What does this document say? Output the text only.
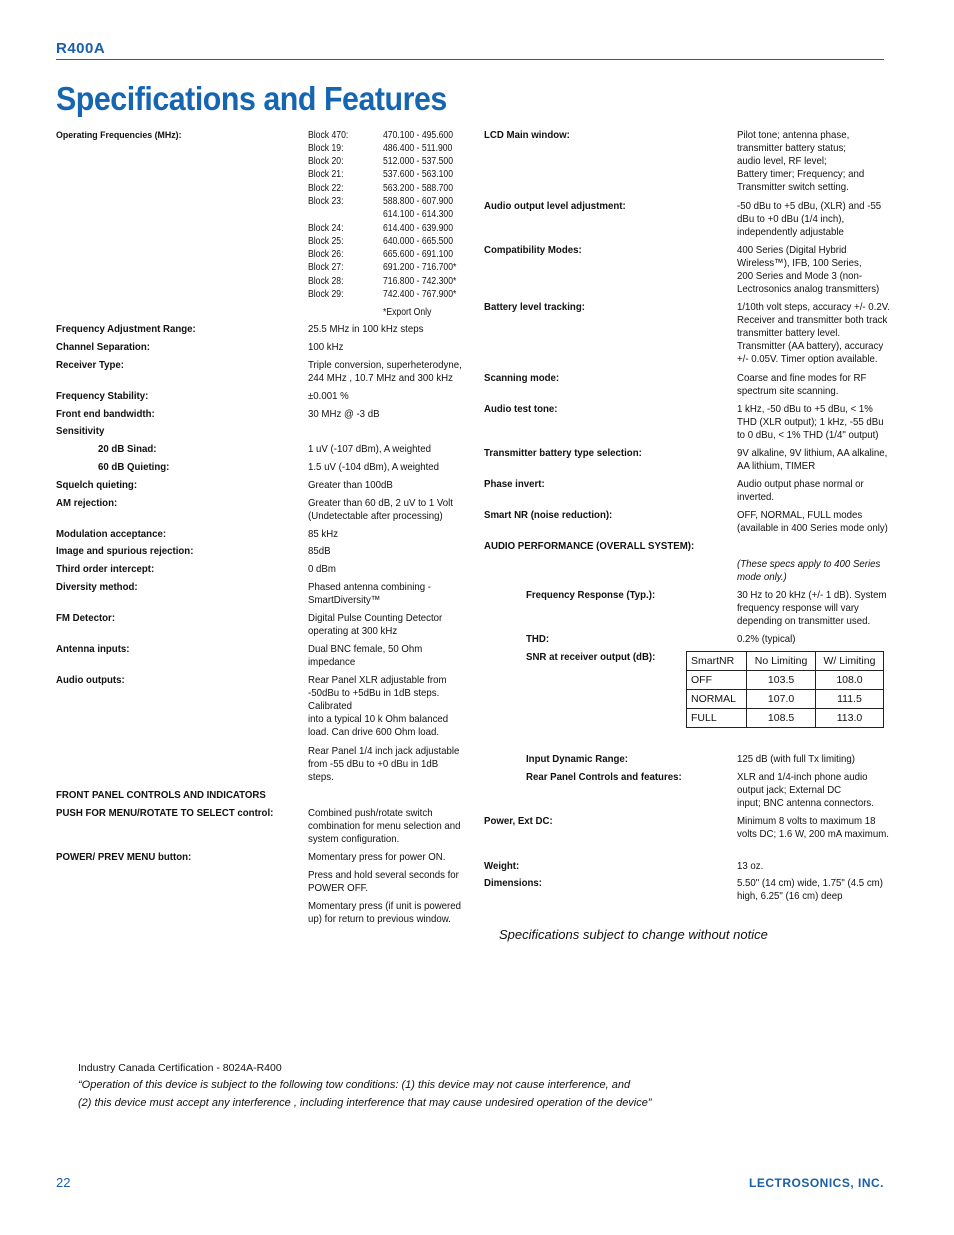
R400A
Specifications and Features
Operating Frequencies (MHz):	Block 470:	470.100 - 495.600
Block 19:	486.400 - 511.900
Block 20:	512.000 - 537.500
Block 21:	537.600 - 563.100
Block 22:	563.200 - 588.700
Block 23:	588.800 - 607.900
614.100 - 614.300
Block 24:	614.400 - 639.900
Block 25:	640.000 - 665.500
Block 26:	665.600 - 691.100
Block 27:	691.200 - 716.700*
Block 28:	716.800 - 742.300*
Block 29:	742.400 - 767.900*
*Export Only
Frequency Adjustment Range:	25.5 MHz in 100 kHz steps
Channel Separation:	100 kHz
Receiver Type:	Triple conversion, superheterodyne,
244 MHz , 10.7 MHz and 300 kHz
Frequency Stability:	±0.001 %
Front end bandwidth:	30 MHz @ -3 dB
Sensitivity
20 dB Sinad:	1 uV (-107 dBm), A weighted
60 dB Quieting:	1.5 uV (-104 dBm), A weighted
Squelch quieting:	Greater than 100dB
AM rejection:	Greater than 60 dB, 2 uV to 1 Volt
(Undetectable after processing)
Modulation acceptance:	85 kHz
Image and spurious rejection:	85dB
Third order intercept:	0 dBm
Diversity method:	Phased antenna combining -
SmartDiversity™
FM Detector:	Digital Pulse Counting Detector
operating at 300 kHz
Antenna inputs:	Dual BNC female, 50 Ohm
impedance
Audio outputs:	Rear Panel XLR adjustable from
-50dBu to +5dBu in 1dB steps.
Calibrated
into a typical 10 k Ohm balanced
load. Can drive 600 Ohm load.
Rear Panel 1/4 inch jack adjustable
from -55 dBu to +0 dBu in 1dB
steps.
FRONT PANEL CONTROLS AND INDICATORS
PUSH FOR MENU/ROTATE TO SELECT control:	Combined push/rotate switch
combination for menu selection and
system configuration.
POWER/ PREV MENU button:	Momentary press for power ON.
Press and hold several seconds for
POWER OFF.
Momentary press (if unit is powered
up) for return to previous window.
LCD Main window:	Pilot tone; antenna phase,
transmitter battery status;
audio level, RF level;
Battery timer; Frequency; and
Transmitter switch setting.
Audio output level adjustment:	-50 dBu to +5 dBu, (XLR) and -55
dBu to +0 dBu (1/4 inch),
independently adjustable
Compatibility Modes:	400 Series (Digital Hybrid
Wireless™), IFB, 100 Series,
200 Series and Mode 3 (non-
Lectrosonics analog transmitters)
Battery level tracking:	1/10th volt steps, accuracy +/- 0.2V.
Receiver and transmitter both track
transmitter battery level.
Transmitter (AA battery), accuracy
+/- 0.05V. Timer option available.
Scanning mode:	Coarse and fine modes for RF
spectrum site scanning.
Audio test tone:	1 kHz, -50 dBu to +5 dBu, < 1%
THD (XLR output); 1 kHz, -55 dBu
to 0 dBu, < 1% THD (1/4" output)
Transmitter battery type selection:	9V alkaline, 9V lithium, AA alkaline,
AA lithium, TIMER
Phase invert:	Audio output phase normal or
inverted.
Smart NR (noise reduction):	OFF, NORMAL, FULL modes
(available in 400 Series mode only)
AUDIO PERFORMANCE (OVERALL SYSTEM):
(These specs apply to 400 Series
mode only.)
Frequency Response (Typ.):	30 Hz to 20 kHz (+/- 1 dB). System
frequency response will vary
depending on transmitter used.
THD:	0.2% (typical)
SNR at receiver output (dB):	SmartNR	No Limiting	W/ Limiting
OFF	103.5	108.0
NORMAL	107.0	111.5
FULL	108.5	113.0
Input Dynamic Range:	125 dB (with full Tx limiting)
Rear Panel Controls and features:	XLR and 1/4-inch phone audio
output jack; External DC
input; BNC antenna connectors.
Power, Ext DC:	Minimum 8 volts to maximum 18
volts DC; 1.6 W, 200 mA maximum.
Weight:	13 oz.
Dimensions:	5.50" (14 cm) wide, 1.75" (4.5 cm)
high, 6.25" (16 cm) deep
Specifications subject to change without notice
Industry Canada Certification - 8024A-R400
“Operation of this device is subject to the following tow conditions: (1) this device may not cause interference, and
(2) this device must accept any interference , including interference that may cause undesired operation of the device”
22	LECTROSONICS, INC.
